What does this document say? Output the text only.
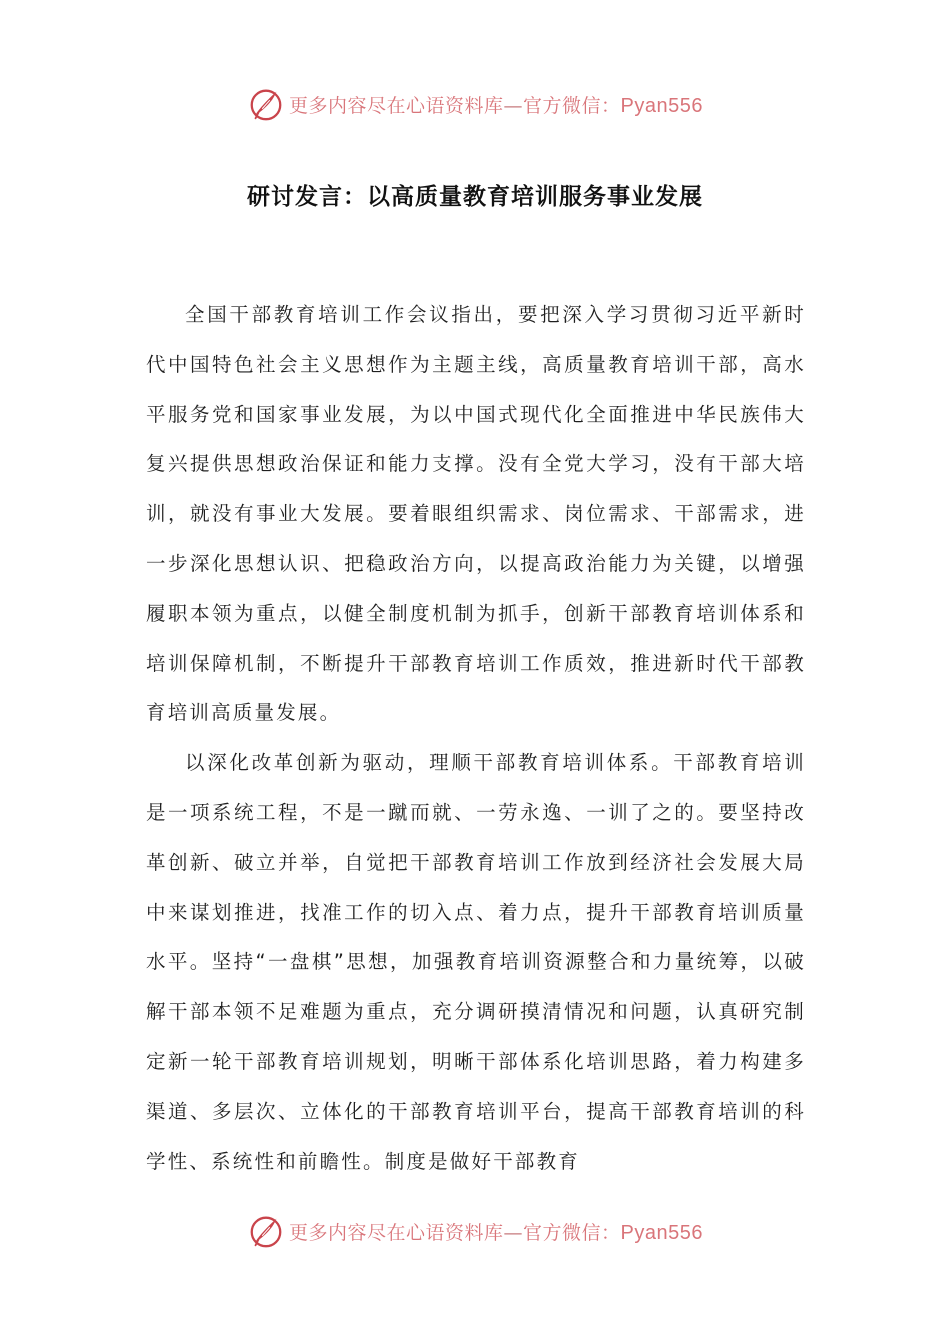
更多内容尽在心语资料库—官方微信：Pyan556
研讨发言：以高质量教育培训服务事业发展

全国干部教育培训工作会议指出，要把深入学习贯彻习近平新时代中国特色社会主义思想作为主题主线，高质量教育培训干部，高水平服务党和国家事业发展，为以中国式现代化全面推进中华民族伟大复兴提供思想政治保证和能力支撑。没有全党大学习，没有干部大培训，就没有事业大发展。要着眼组织需求、岗位需求、干部需求，进一步深化思想认识、把稳政治方向，以提高政治能力为关键，以增强履职本领为重点，以健全制度机制为抓手，创新干部教育培训体系和培训保障机制，不断提升干部教育培训工作质效，推进新时代干部教育培训高质量发展。

以深化改革创新为驱动，理顺干部教育培训体系。干部教育培训是一项系统工程，不是一蹴而就、一劳永逸、一训了之的。要坚持改革创新、破立并举，自觉把干部教育培训工作放到经济社会发展大局中来谋划推进，找准工作的切入点、着力点，提升干部教育培训质量水平。坚持“一盘棋”思想，加强教育培训资源整合和力量统筹，以破解干部本领不足难题为重点，充分调研摸清情况和问题，认真研究制定新一轮干部教育培训规划，明晰干部体系化培训思路，着力构建多渠道、多层次、立体化的干部教育培训平台，提高干部教育培训的科学性、系统性和前瞻性。制度是做好干部教育

更多内容尽在心语资料库—官方微信：Pyan556
